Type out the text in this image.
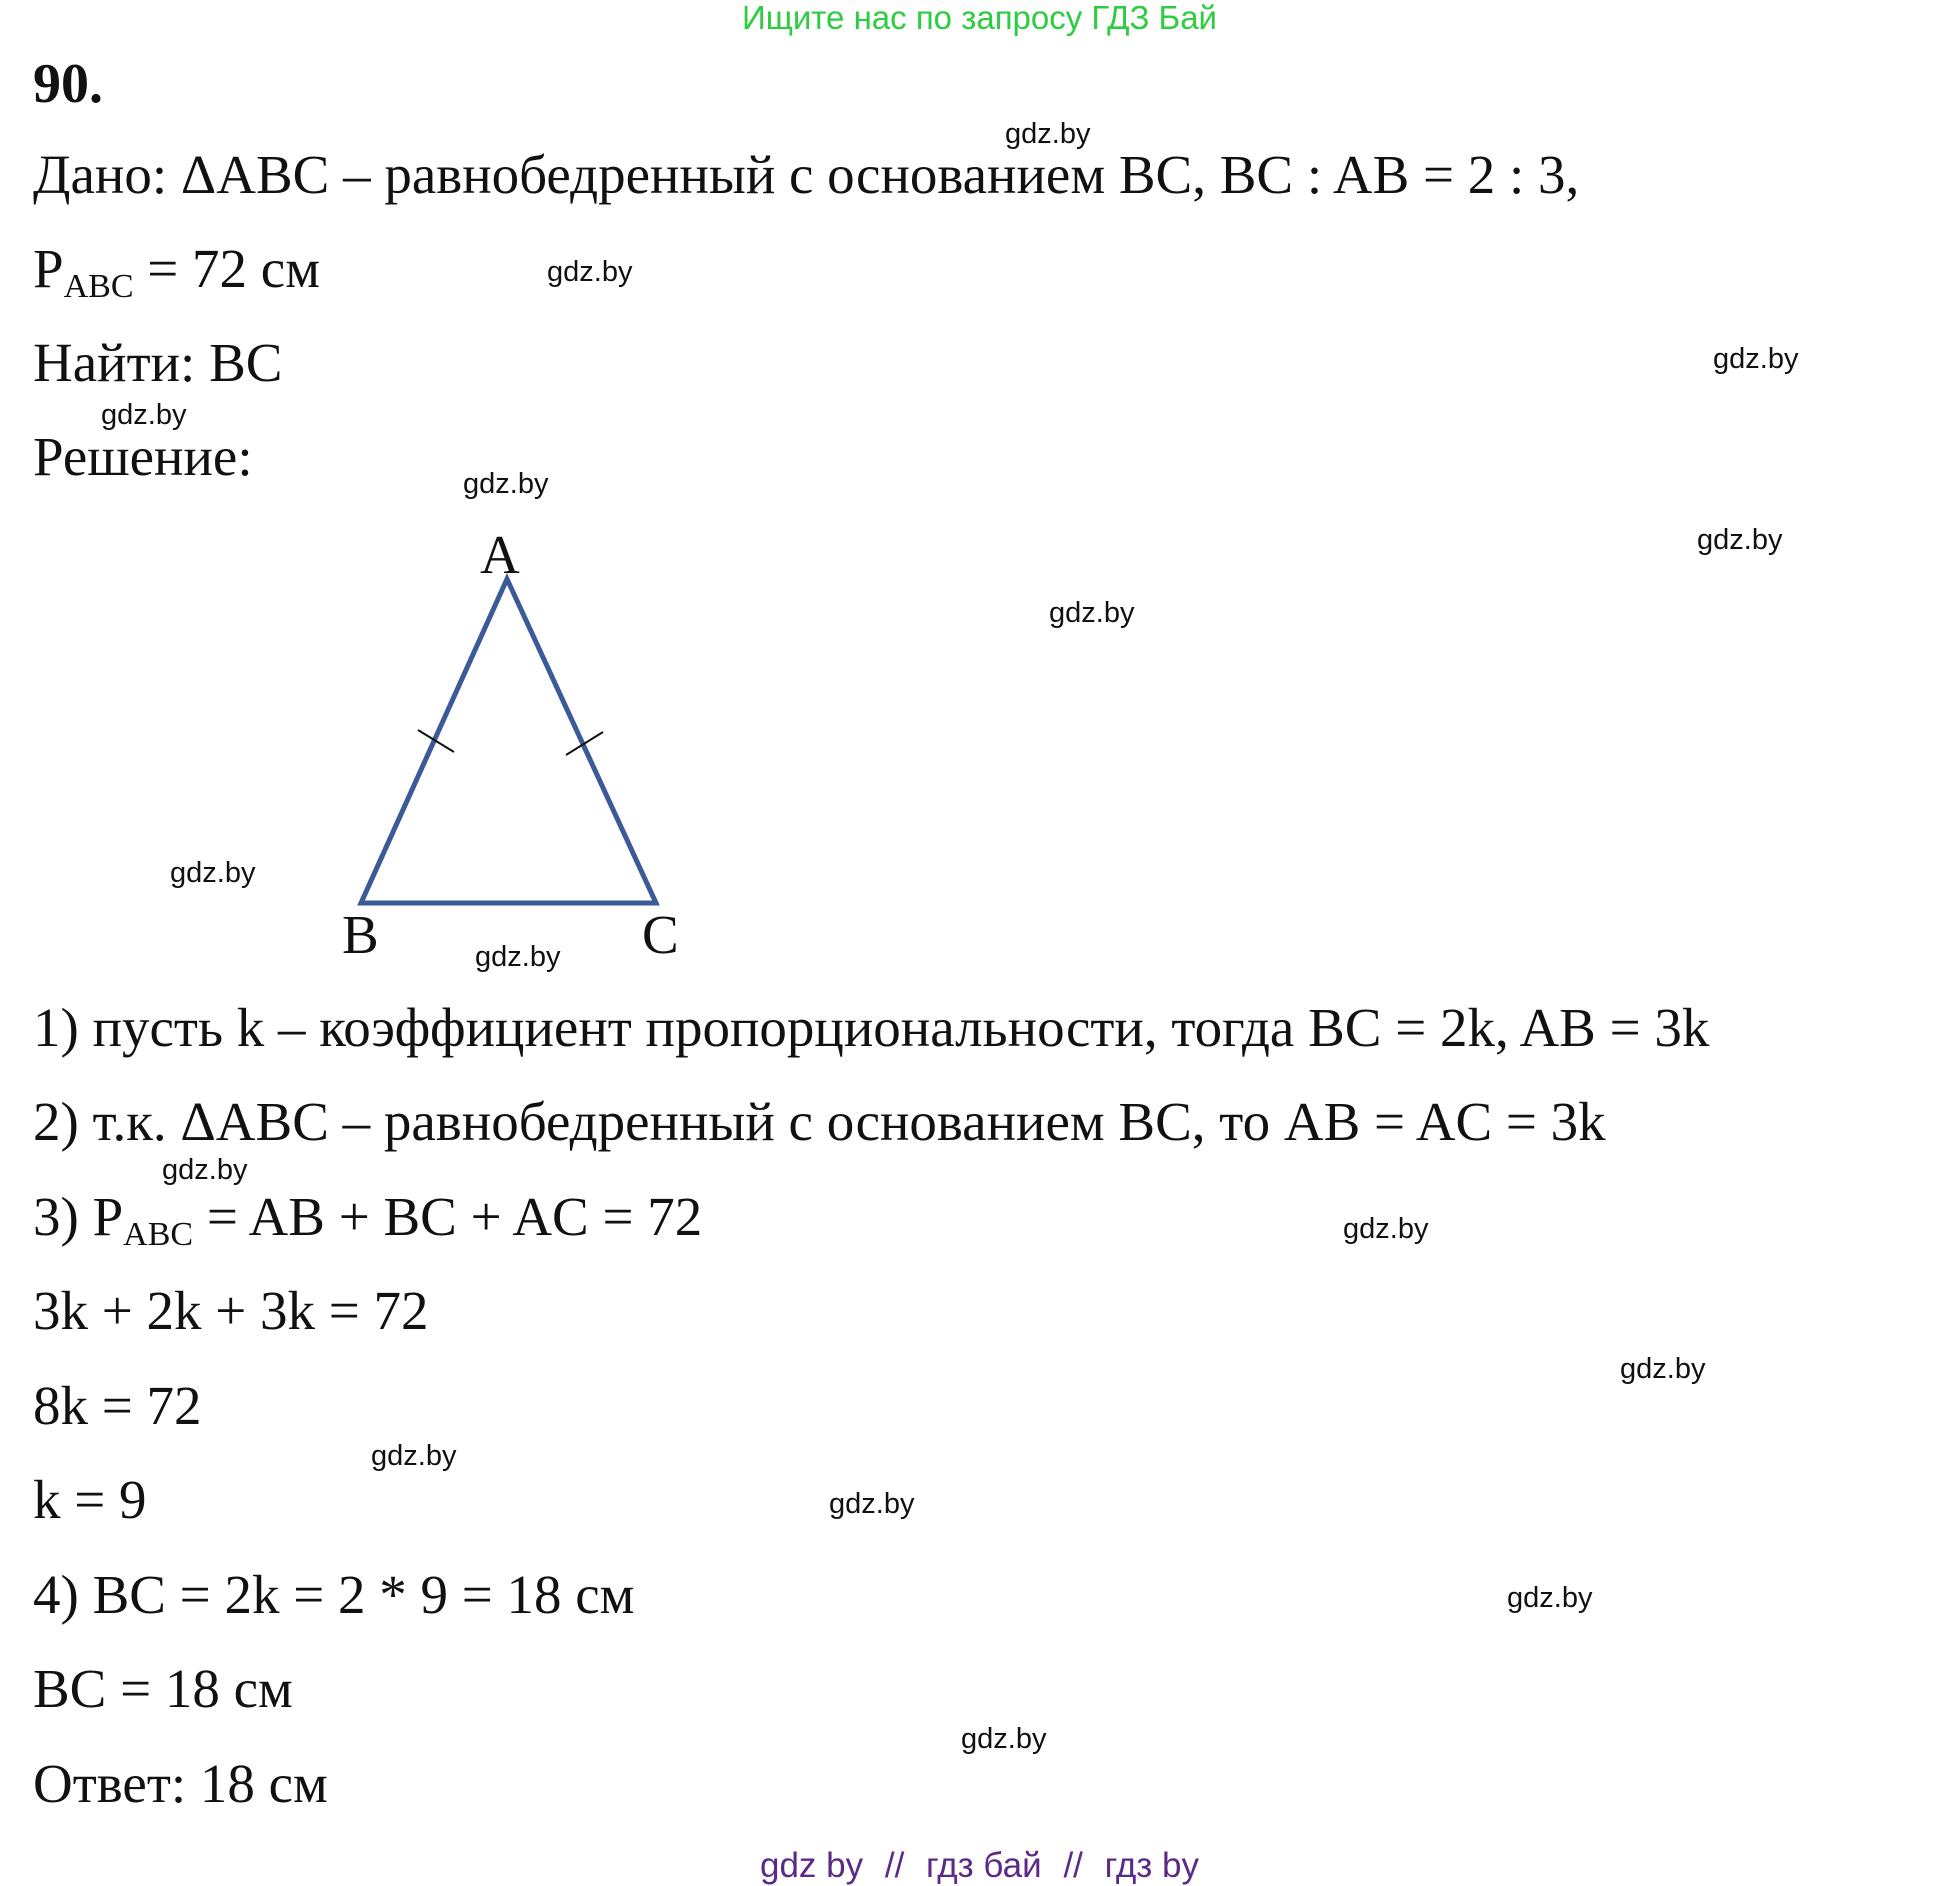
Ищите нас по запросу ГДЗ Бай
90.
Дано: ΔABC – равнобедренный с основанием BC, BC : AB = 2 : 3,
$P_{ABC} = 72$ см
Найти: BC
Решение:
A
B	C
1) пусть k – коэффициент пропорциональности, тогда BC = 2k, AB = 3k
2) т.к. ΔABC – равнобедренный с основанием BC, то AB = AC = 3k
3) $P_{ABC}$ = AB + BC + AC = 72
3k + 2k + 3k = 72
8k = 72
k = 9
4) BC = 2k = 2 * 9 = 18 см
BC = 18 см
Ответ: 18 см
gdz.by
gdz.by
gdz.by
gdz.by
gdz.by
gdz.by
gdz.by
gdz.by
gdz.by
gdz.by
gdz.by
gdz.by
gdz.by
gdz.by
gdz.by
gdz.by
gdz by // гдз бай // гдз by
